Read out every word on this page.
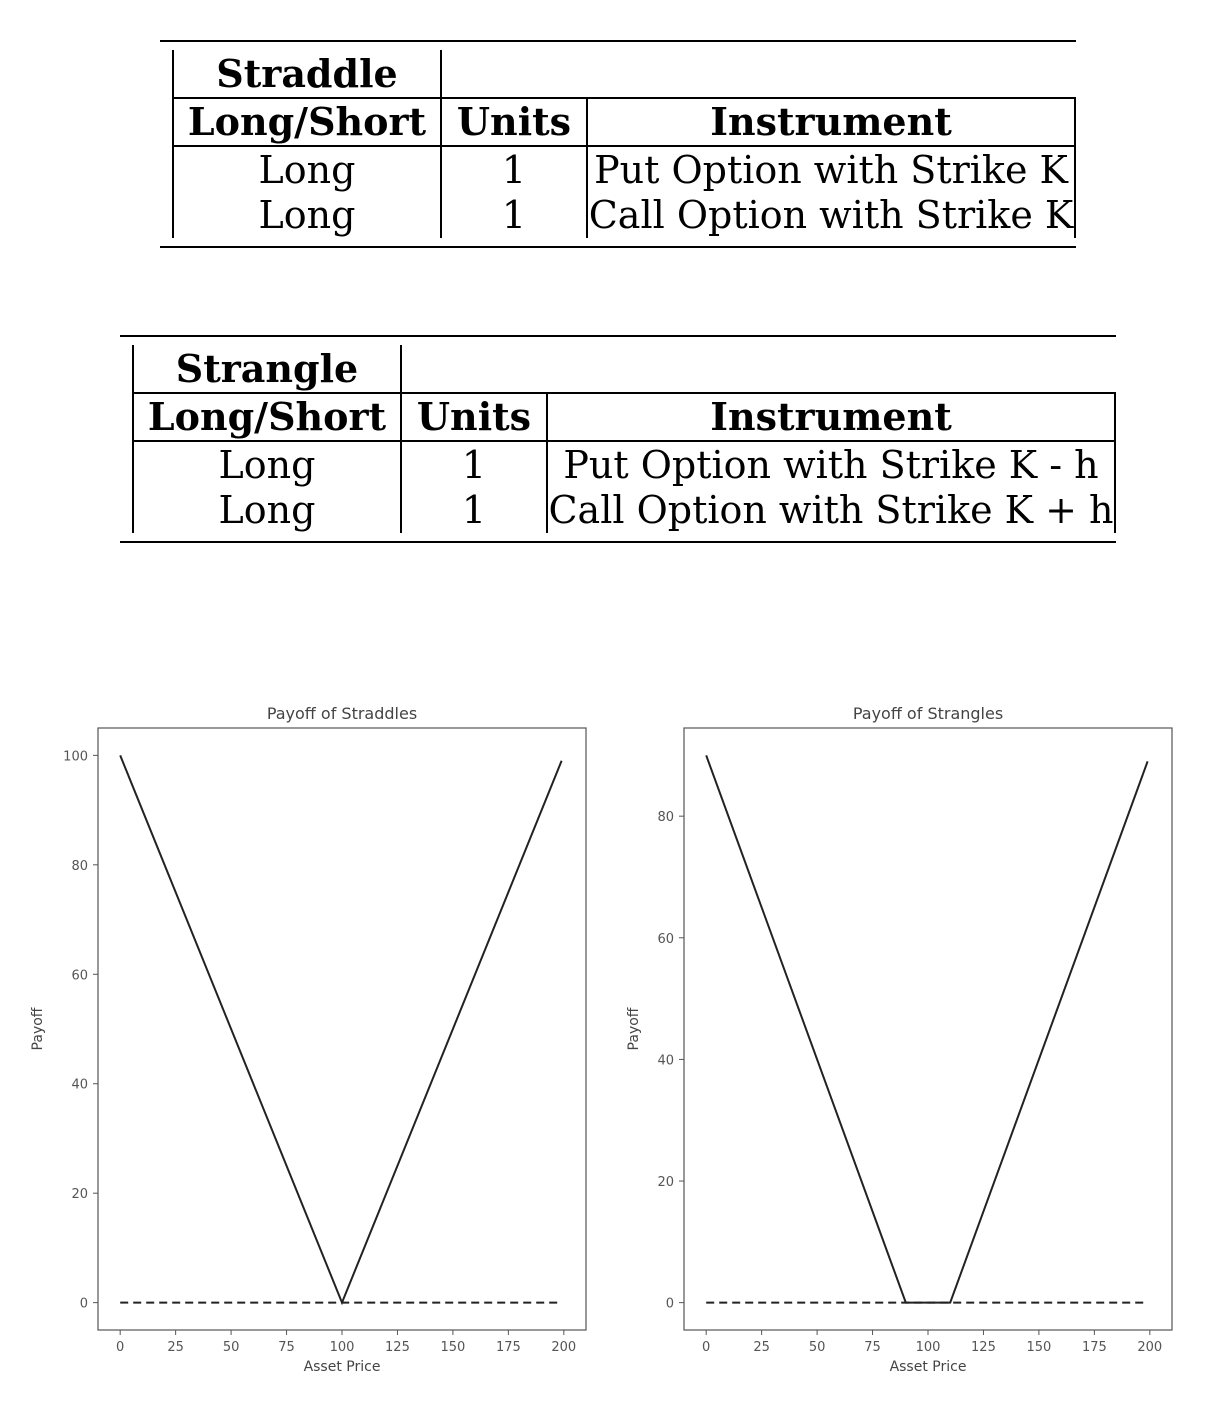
Straddle		
Long/Short	Units	Instrument
Long	1	Put Option with Strike K
Long	1	Call Option with Strike K
Strangle		
Long/Short	Units	Instrument
Long	1	Put Option with Strike K - h
Long	1	Call Option with Strike K + h
Payoff of Straddles
Asset Price
Payoff
0	25	50	75	100 125 150 175 200
0
20
40
60
80
100
Payoff of Strangles
Asset Price
Payoff
0	25	50	75	100 125 150 175 200
0
20
40
60
80
